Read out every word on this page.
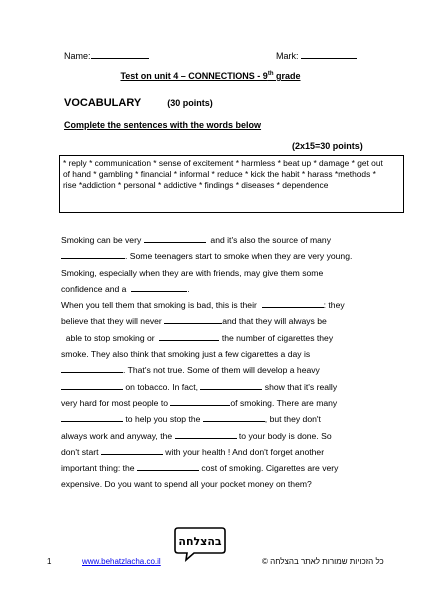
Name:	Mark:
Test on unit 4 – CONNECTIONS - 9th grade
VOCABULARY	(30 points)
Complete the sentences with the words below
(2x15=30 points)
* reply * communication * sense of excitement * harmless * beat up * damage * get out
of hand * gambling * financial * informal * reduce * kick the habit * harass *methods *
rise *addiction * personal * addictive * findings * diseases * dependence
Smoking can be very	and it's also the source of many
. Some teenagers start to smoke when they are very young.
Smoking, especially when they are with friends, may give them some
confidence and a	.
When you tell them that smoking is bad, this is their	: they
believe that they will never	and that they will always be
able to stop smoking or	the number of cigarettes they
smoke. They also think that smoking just a few cigarettes a day is
. That's not true. Some of them will develop a heavy
on tobacco. In fact,	show that it's really
very hard for most people to	of smoking. There are many
to help you stop the	, but they don't
always work and anyway, the	to your body is done. So
don't start	with your health ! And don't forget another
important thing: the	cost of smoking. Cigarettes are very
expensive. Do you want to spend all your pocket money on them?
בהצלחה
1	www.behatzlacha.co.il	כל הזכויות שמורות לאתר בהצלחה ©
